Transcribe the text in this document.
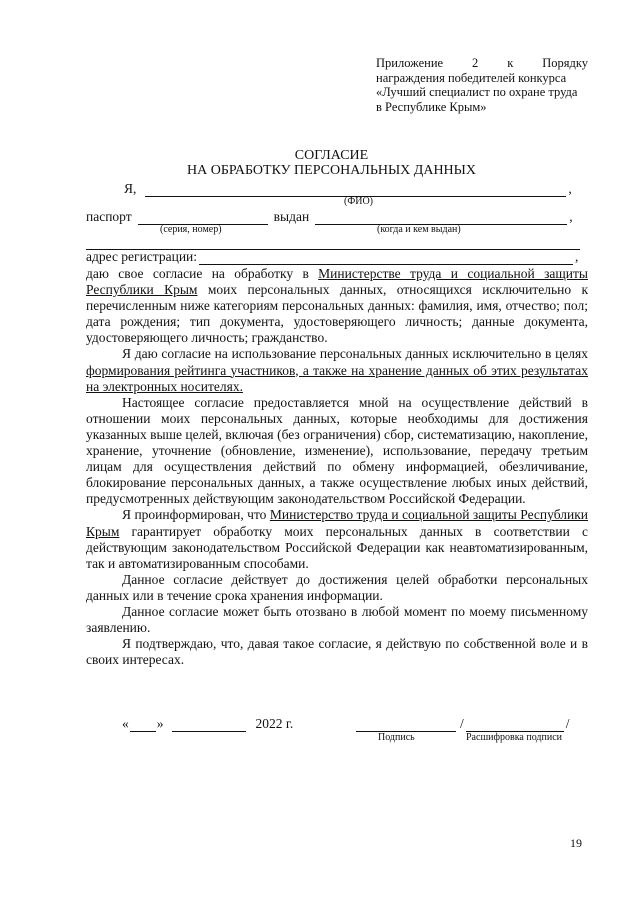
Приложение 2 к Порядку
награждения победителей конкурса
«Лучший специалист по охране труда
в Республике Крым»
СОГЛАСИЕ
НА ОБРАБОТКУ ПЕРСОНАЛЬНЫХ ДАННЫХ
Я,	,
(ФИО)
паспорт	выдан	,
(серия, номер)	(когда и кем выдан)
адрес регистрации:	,

даю свое согласие на обработку в Министерстве труда и социальной защиты Республики Крым моих персональных данных, относящихся исключительно к перечисленным ниже категориям персональных данных: фамилия, имя, отчество; пол; дата рождения; тип документа, удостоверяющего личность; данные документа, удостоверяющего личность; гражданство.

Я даю согласие на использование персональных данных исключительно в целях формирования рейтинга участников, а также на хранение данных об этих результатах на электронных носителях.

Настоящее согласие предоставляется мной на осуществление действий в отношении моих персональных данных, которые необходимы для достижения указанных выше целей, включая (без ограничения) сбор, систематизацию, накопление, хранение, уточнение (обновление, изменение), использование, передачу третьим лицам для осуществления действий по обмену информацией, обезличивание, блокирование персональных данных, а также осуществление любых иных действий, предусмотренных действующим законодательством Российской Федерации.

Я проинформирован, что Министерство труда и социальной защиты Республики Крым гарантирует обработку моих персональных данных в соответствии с действующим законодательством Российской Федерации как неавтоматизированным, так и автоматизированным способами.

Данное согласие действует до достижения целей обработки персональных данных или в течение срока хранения информации.

Данное согласие может быть отозвано в любой момент по моему письменному заявлению.

Я подтверждаю, что, давая такое согласие, я действую по собственной воле и в своих интересах.

« »	2022 г.	/	/
Подпись	Расшифровка подписи
19
